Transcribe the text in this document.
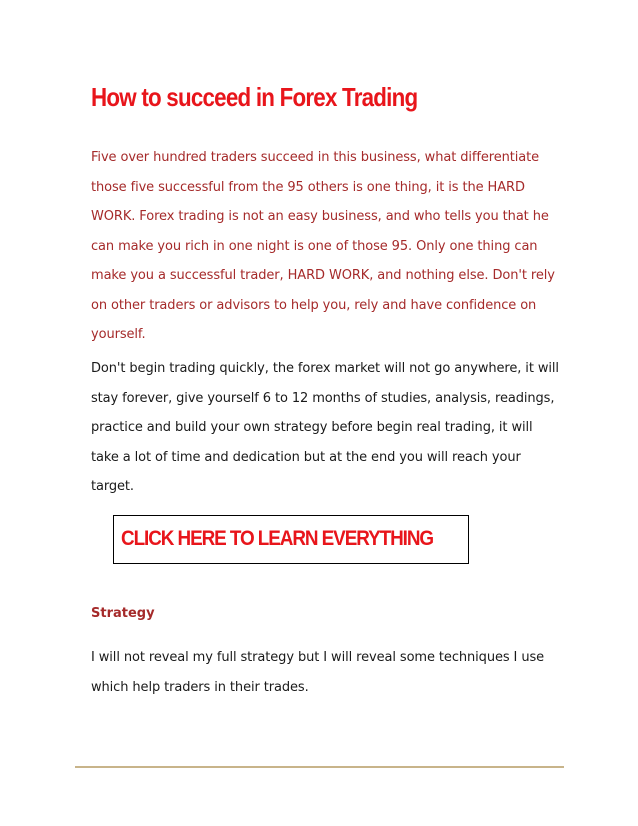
How to succeed in Forex Trading

Five over hundred traders succeed in this business, what differentiate those five successful from the 95 others is one thing, it is the HARD WORK. Forex trading is not an easy business, and who tells you that he can make you rich in one night is one of those 95. Only one thing can make you a successful trader, HARD WORK, and nothing else. Don't rely on other traders or advisors to help you, rely and have confidence on yourself.

Don't begin trading quickly, the forex market will not go anywhere, it will stay forever, give yourself 6 to 12 months of studies, analysis, readings, practice and build your own strategy before begin real trading, it will take a lot of time and dedication but at the end you will reach your target.

CLICK HERE TO LEARN EVERYTHING
Strategy

I will not reveal my full strategy but I will reveal some techniques I use which help traders in their trades.
